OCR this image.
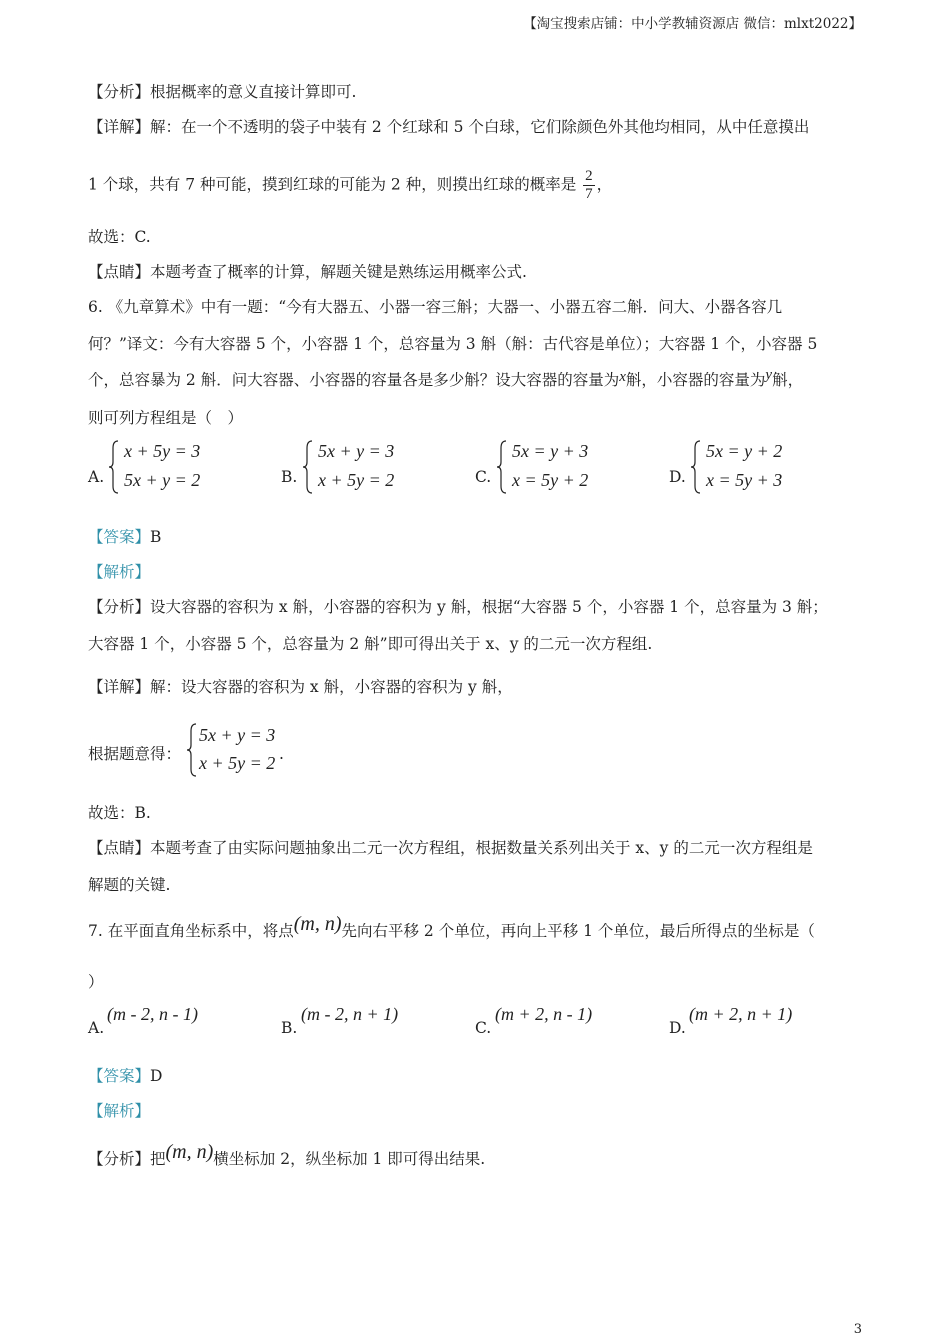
【淘宝搜索店铺：中小学教辅资源店 微信：mlxt2022】
【分析】根据概率的意义直接计算即可.
【详解】解：在一个不透明的袋子中装有 2 个红球和 5 个白球，它们除颜色外其他均相同，从中任意摸出
1 个球，共有 7 种可能，摸到红球的可能为 2 种，则摸出红球的概率是 $\frac{2}{7}$ ，
故选：C.
【点睛】本题考查了概率的计算，解题关键是熟练运用概率公式.
6. 《九章算术》中有一题：“今有大器五、小器一容三斛；大器一、小器五容二斛．问大、小器各容几
何？”译文：今有大容器 5 个，小容器 1 个，总容量为 3 斛（斛：古代容是单位）；大容器 1 个，小容器 5
个，总容暴为 2 斛．问大容器、小容器的容量各是多少斛？设大容器的容量为x斛，小容器的容量为y斛，
则可列方程组是（　）
A.
x + 5y = 3
5x + y = 2	B.
5x + y = 3
x + 5y = 2	C.
5x = y + 3
x = 5y + 2	D.
5x = y + 2
x = 5y + 3
【答案】B
【解析】
【分析】设大容器的容积为 x 斛，小容器的容积为 y 斛，根据“大容器 5 个，小容器 1 个，总容量为 3 斛；
大容器 1 个，小容器 5 个，总容量为 2 斛”即可得出关于 x、y 的二元一次方程组.
【详解】解：设大容器的容积为 x 斛，小容器的容积为 y 斛，
根据题意得：
5x + y = 3
x + 5y = 2 .
故选：B.
【点睛】本题考查了由实际问题抽象出二元一次方程组，根据数量关系列出关于 x、y 的二元一次方程组是
解题的关键.
7. 在平面直角坐标系中，将点(m, n)先向右平移 2 个单位，再向上平移 1 个单位，最后所得点的坐标是（
）
A.
(m - 2, n - 1)
B.
(m - 2, n + 1)
C.
(m + 2, n - 1)
D.
(m + 2, n + 1)
【答案】D
【解析】
【分析】把(m, n)横坐标加 2，纵坐标加 1 即可得出结果.
3
